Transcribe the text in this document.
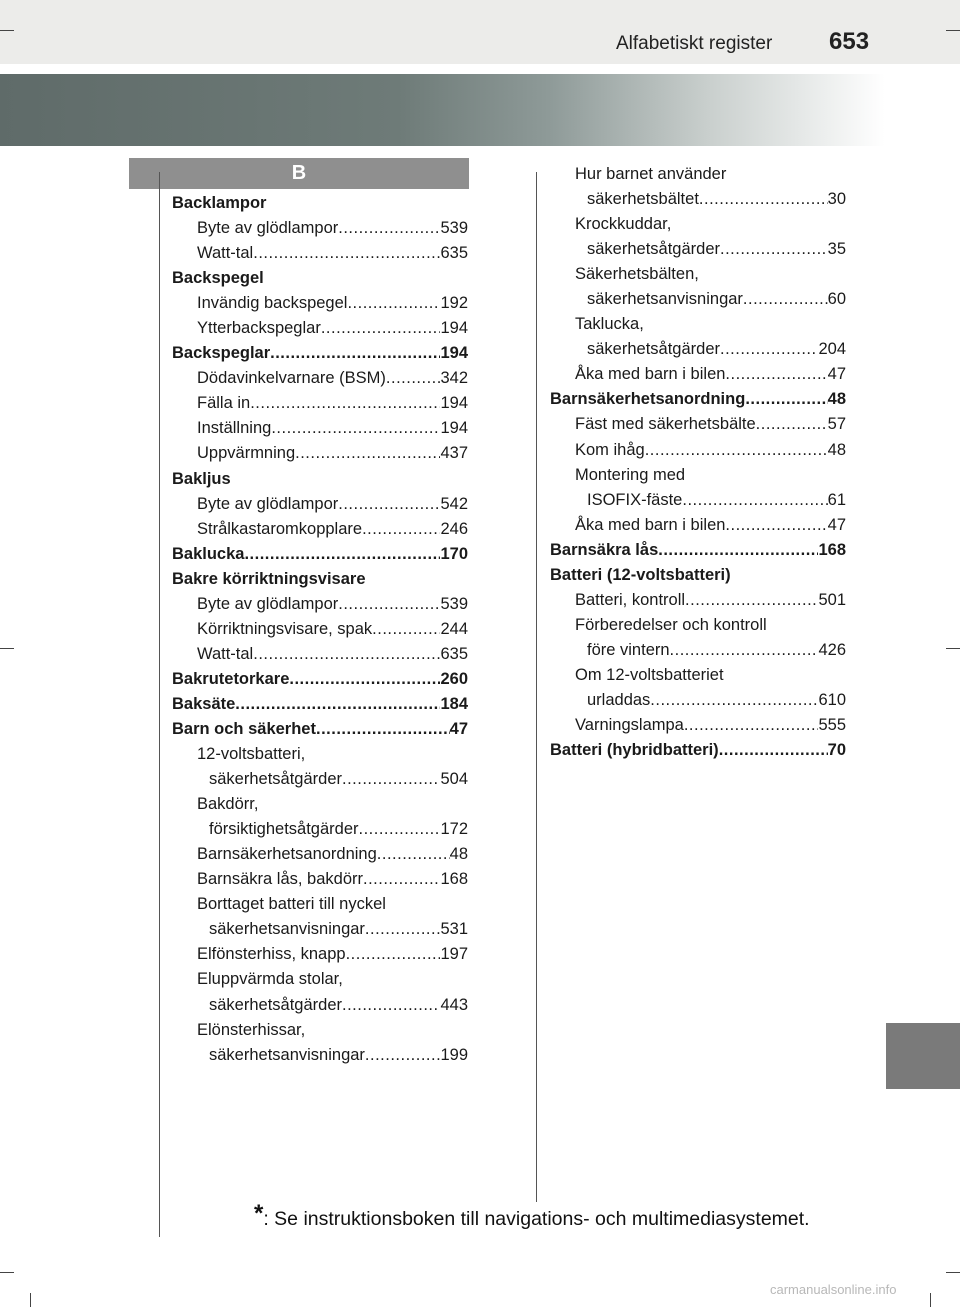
Alfabetiskt register 653
B
Backlampor
Byte av glödlampor .....	539
Watt-tal .....	635
Backspegel
Invändig backspegel .....	192
Ytterbackspeglar .....	194
Backspeglar .....	194
Dödavinkelvarnare (BSM) .....	342
Fälla in .....	194
Inställning .....	194
Uppvärmning .....	437
Bakljus
Byte av glödlampor .....	542
Strålkastaromkopplare .....	246
Baklucka .....	170
Bakre körriktningsvisare
Byte av glödlampor .....	539
Körriktningsvisare, spak .....	244
Watt-tal .....	635
Bakrutetorkare .....	260
Baksäte .....	184
Barn och säkerhet .....	47
12-voltsbatteri,
säkerhetsåtgärder .....	504
Bakdörr,
försiktighetsåtgärder .....	172
Barnsäkerhetsanordning .....	48
Barnsäkra lås, bakdörr .....	168
Borttaget batteri till nyckel
säkerhetsanvisningar .....	531
Elfönsterhiss, knapp .....	197
Eluppvärmda stolar,
säkerhetsåtgärder .....	443
Elönsterhissar,
säkerhetsanvisningar .....	199
Hur barnet använder
säkerhetsbältet .....	30
Krockkuddar,
säkerhetsåtgärder .....	35
Säkerhetsbälten,
säkerhetsanvisningar .....	60
Taklucka,
säkerhetsåtgärder .....	204
Åka med barn i bilen .....	47
Barnsäkerhetsanordning .....	48
Fäst med säkerhetsbälte .....	57
Kom ihåg .....	48
Montering med
ISOFIX-fäste .....	61
Åka med barn i bilen .....	47
Barnsäkra lås .....	168
Batteri (12-voltsbatteri)
Batteri, kontroll .....	501
Förberedelser och kontroll
före vintern .....	426
Om 12-voltsbatteriet
urladdas .....	610
Varningslampa .....	555
Batteri (hybridbatteri) .....	70
*: Se instruktionsboken till navigations- och multimediasystemet.
carmanualsonline.info
